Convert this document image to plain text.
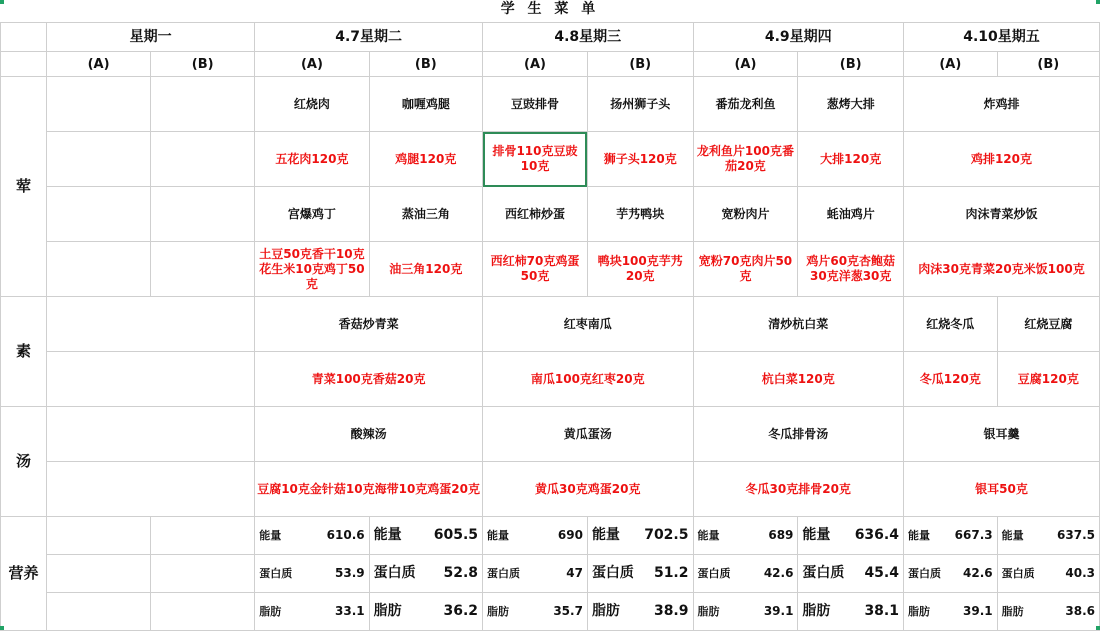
学 生 菜 单
	星期一		4.7星期二		4.8星期三		4.9星期四		4.10星期五	
	(A)	(B)	(A)	(B)	(A)	(B)	(A)	(B)	(A)	(B)
荤			红烧肉	咖喱鸡腿	豆豉排骨	扬州狮子头	番茄龙利鱼	葱烤大排	炸鸡排	
			五花肉120克	鸡腿120克	排骨110克豆豉10克	狮子头120克	龙利鱼片100克番茄20克	大排120克	鸡排120克	
			宫爆鸡丁	蒸油三角	西红柿炒蛋	芋艿鸭块	宽粉肉片	蚝油鸡片	肉沫青菜炒饭	
			土豆50克香干10克花生米10克鸡丁50克	油三角120克	西红柿70克鸡蛋50克	鸭块100克芋艿20克	宽粉70克肉片50克	鸡片60克杏鲍菇30克洋葱30克	肉沫30克青菜20克米饭100克	
素			香菇炒青菜		红枣南瓜		清炒杭白菜		红烧冬瓜	红烧豆腐
			青菜100克香菇20克		南瓜100克红枣20克		杭白菜120克		冬瓜120克	豆腐120克
汤			酸辣汤		黄瓜蛋汤		冬瓜排骨汤		银耳羹	
			豆腐10克金针菇10克海带10克鸡蛋20克		黄瓜30克鸡蛋20克		冬瓜30克排骨20克		银耳50克	
营养			能量 610.6	能量 605.5	能量 690	能量 702.5	能量 689	能量 636.4	能量 667.3	能量 637.5

			蛋白质 53.9	蛋白质 52.8	蛋白质 47	蛋白质 51.2	蛋白质 42.6	蛋白质 45.4	蛋白质 42.6	蛋白质 40.3

			脂肪 33.1	脂肪 36.2	脂肪 35.7	脂肪 38.9	脂肪 39.1	脂肪 38.1	脂肪 39.1	脂肪 38.6
